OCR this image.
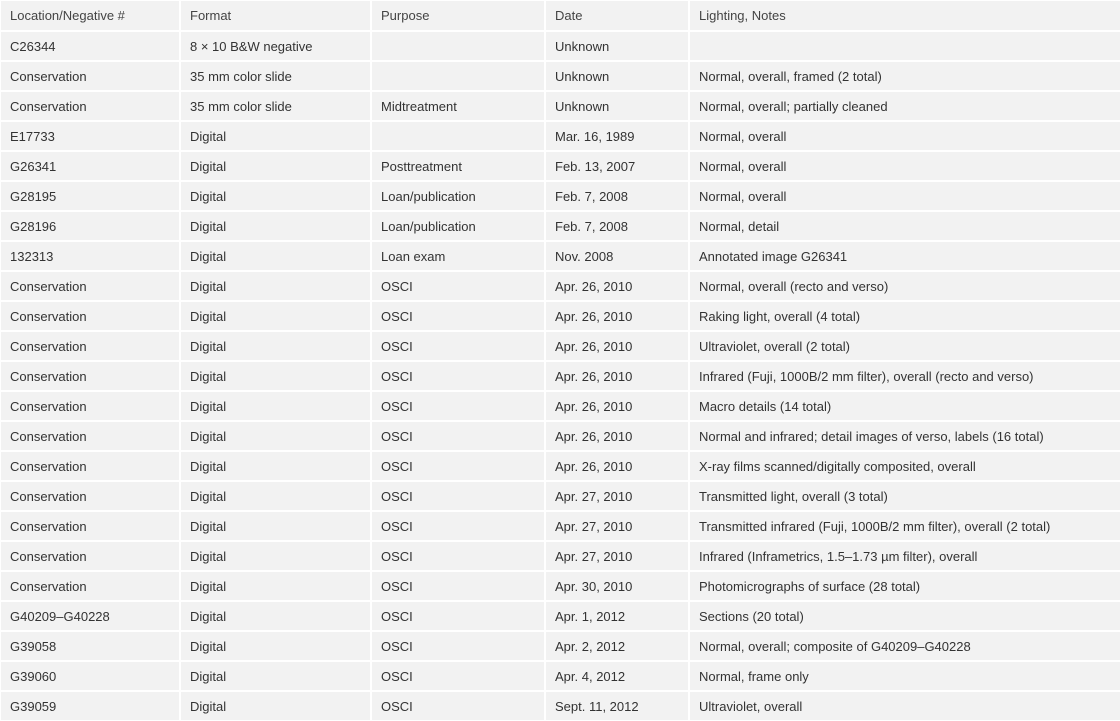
Location/Negative #	Format	Purpose	Date	Lighting, Notes
C26344	8 × 10 B&W negative		Unknown	
Conservation	35 mm color slide		Unknown	Normal, overall, framed (2 total)
Conservation	35 mm color slide	Midtreatment	Unknown	Normal, overall; partially cleaned
E17733	Digital		Mar. 16, 1989	Normal, overall
G26341	Digital	Posttreatment	Feb. 13, 2007	Normal, overall
G28195	Digital	Loan/publication	Feb. 7, 2008	Normal, overall
G28196	Digital	Loan/publication	Feb. 7, 2008	Normal, detail
132313	Digital	Loan exam	Nov. 2008	Annotated image G26341
Conservation	Digital	OSCI	Apr. 26, 2010	Normal, overall (recto and verso)
Conservation	Digital	OSCI	Apr. 26, 2010	Raking light, overall (4 total)
Conservation	Digital	OSCI	Apr. 26, 2010	Ultraviolet, overall (2 total)
Conservation	Digital	OSCI	Apr. 26, 2010	Infrared (Fuji, 1000B/2 mm filter), overall (recto and verso)
Conservation	Digital	OSCI	Apr. 26, 2010	Macro details (14 total)
Conservation	Digital	OSCI	Apr. 26, 2010	Normal and infrared; detail images of verso, labels (16 total)
Conservation	Digital	OSCI	Apr. 26, 2010	X-ray films scanned/digitally composited, overall
Conservation	Digital	OSCI	Apr. 27, 2010	Transmitted light, overall (3 total)
Conservation	Digital	OSCI	Apr. 27, 2010	Transmitted infrared (Fuji, 1000B/2 mm filter), overall (2 total)
Conservation	Digital	OSCI	Apr. 27, 2010	Infrared (Inframetrics, 1.5–1.73 µm filter), overall
Conservation	Digital	OSCI	Apr. 30, 2010	Photomicrographs of surface (28 total)
G40209–G40228	Digital	OSCI	Apr. 1, 2012	Sections (20 total)
G39058	Digital	OSCI	Apr. 2, 2012	Normal, overall; composite of G40209–G40228
G39060	Digital	OSCI	Apr. 4, 2012	Normal, frame only
G39059	Digital	OSCI	Sept. 11, 2012	Ultraviolet, overall
